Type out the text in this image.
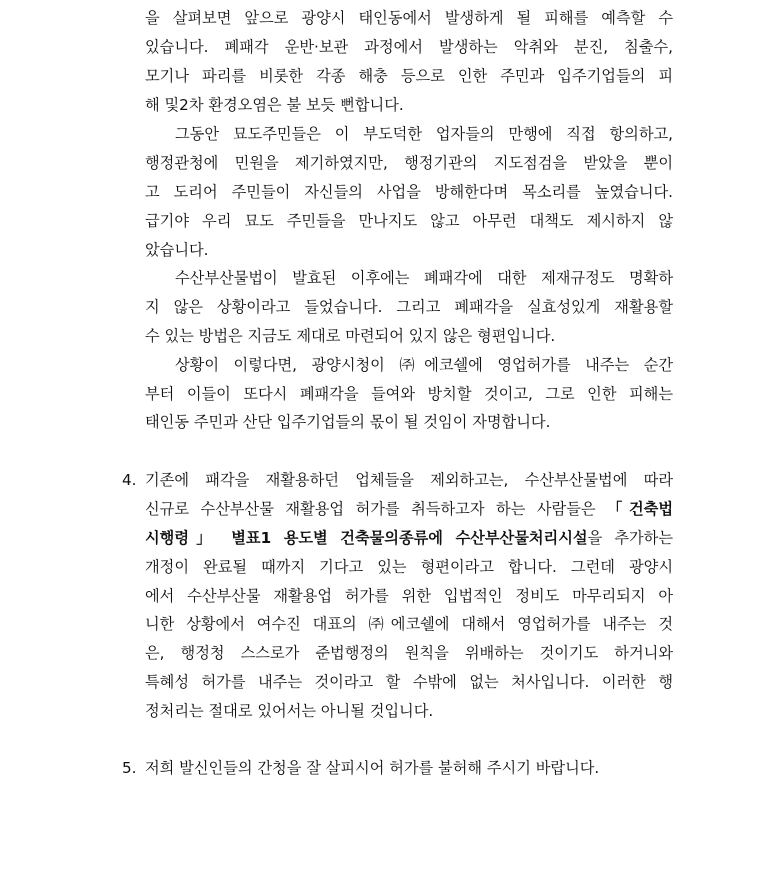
을 살펴보면 앞으로 광양시 태인동에서 발생하게 될 피해를 예측할 수
있습니다. 폐패각 운반·보관 과정에서 발생하는 악취와 분진, 침출수,
모기나 파리를 비롯한 각종 해충 등으로 인한 주민과 입주기업들의 피
해 및2차 환경오염은 불 보듯 뻔합니다.
그동안 묘도주민들은 이 부도덕한 업자들의 만행에 직접 항의하고,
행정관청에 민원을 제기하였지만, 행정기관의 지도점검을 받았을 뿐이
고 도리어 주민들이 자신들의 사업을 방해한다며 목소리를 높였습니다.
급기야 우리 묘도 주민들을 만나지도 않고 아무런 대책도 제시하지 않
았습니다.
수산부산물법이 발효된 이후에는 폐패각에 대한 제재규정도 명확하
지 않은 상황이라고 들었습니다. 그리고 폐패각을 실효성있게 재활용할
수 있는 방법은 지금도 제대로 마련되어 있지 않은 형편입니다.
상황이 이렇다면, 광양시청이 ㈜에코쉘에 영업허가를 내주는 순간
부터 이들이 또다시 폐패각을 들여와 방치할 것이고, 그로 인한 피해는
태인동 주민과 산단 입주기업들의 몫이 될 것임이 자명합니다.
4. 기존에 패각을 재활용하던 업체들을 제외하고는, 수산부산물법에 따라
신규로 수산부산물 재활용업 허가를 취득하고자 하는 사람들은 「건축법
시행령」 별표1 용도별 건축물의종류에 수산부산물처리시설을 추가하는
개정이 완료될 때까지 기다고 있는 형편이라고 합니다. 그런데 광양시
에서 수산부산물 재활용업 허가를 위한 입법적인 정비도 마무리되지 아
니한 상황에서 여수진 대표의 ㈜에코쉘에 대해서 영업허가를 내주는 것
은, 행정청 스스로가 준법행정의 원칙을 위배하는 것이기도 하거니와
특혜성 허가를 내주는 것이라고 할 수밖에 없는 처사입니다. 이러한 행
정처리는 절대로 있어서는 아니될 것입니다.
5. 저희 발신인들의 간청을 잘 살피시어 허가를 불허해 주시기 바랍니다.
